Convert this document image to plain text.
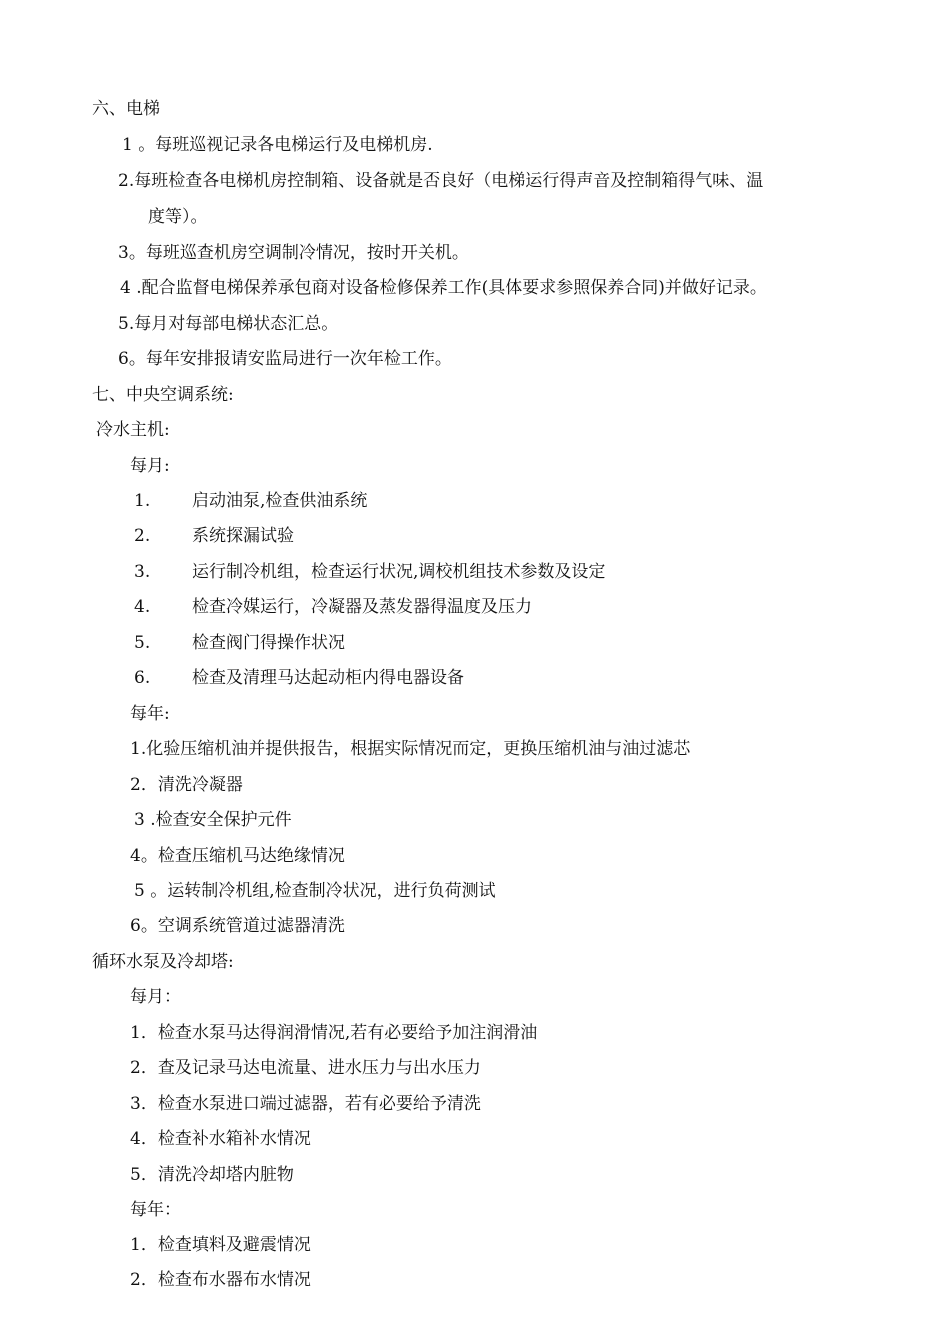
六、电梯
1 。每班巡视记录各电梯运行及电梯机房.
2.每班检查各电梯机房控制箱、设备就是否良好（电梯运行得声音及控制箱得气味、温
度等）。
3。每班巡查机房空调制冷情况，按时开关机。
4 .配合监督电梯保养承包商对设备检修保养工作(具体要求参照保养合同)并做好记录。
5.每月对每部电梯状态汇总。
6。每年安排报请安监局进行一次年检工作。
七、中央空调系统:
冷水主机:
每月:
1. 启动油泵,检查供油系统
2. 系统探漏试验
3. 运行制冷机组，检查运行状况,调校机组技术参数及设定
4. 检查冷媒运行，冷凝器及蒸发器得温度及压力
5. 检查阀门得操作状况
6. 检查及清理马达起动柜内得电器设备
每年:
1.化验压缩机油并提供报告，根据实际情况而定，更换压缩机油与油过滤芯
2．清洗冷凝器
3 .检查安全保护元件
4。检查压缩机马达绝缘情况
5 。运转制冷机组,检查制冷状况，进行负荷测试
6。空调系统管道过滤器清洗
循环水泵及冷却塔:
每月：
1．检查水泵马达得润滑情况,若有必要给予加注润滑油
2．查及记录马达电流量、进水压力与出水压力
3．检查水泵进口端过滤器，若有必要给予清洗
4．检查补水箱补水情况
5．清洗冷却塔内脏物
每年：
1．检查填料及避震情况
2．检查布水器布水情况
